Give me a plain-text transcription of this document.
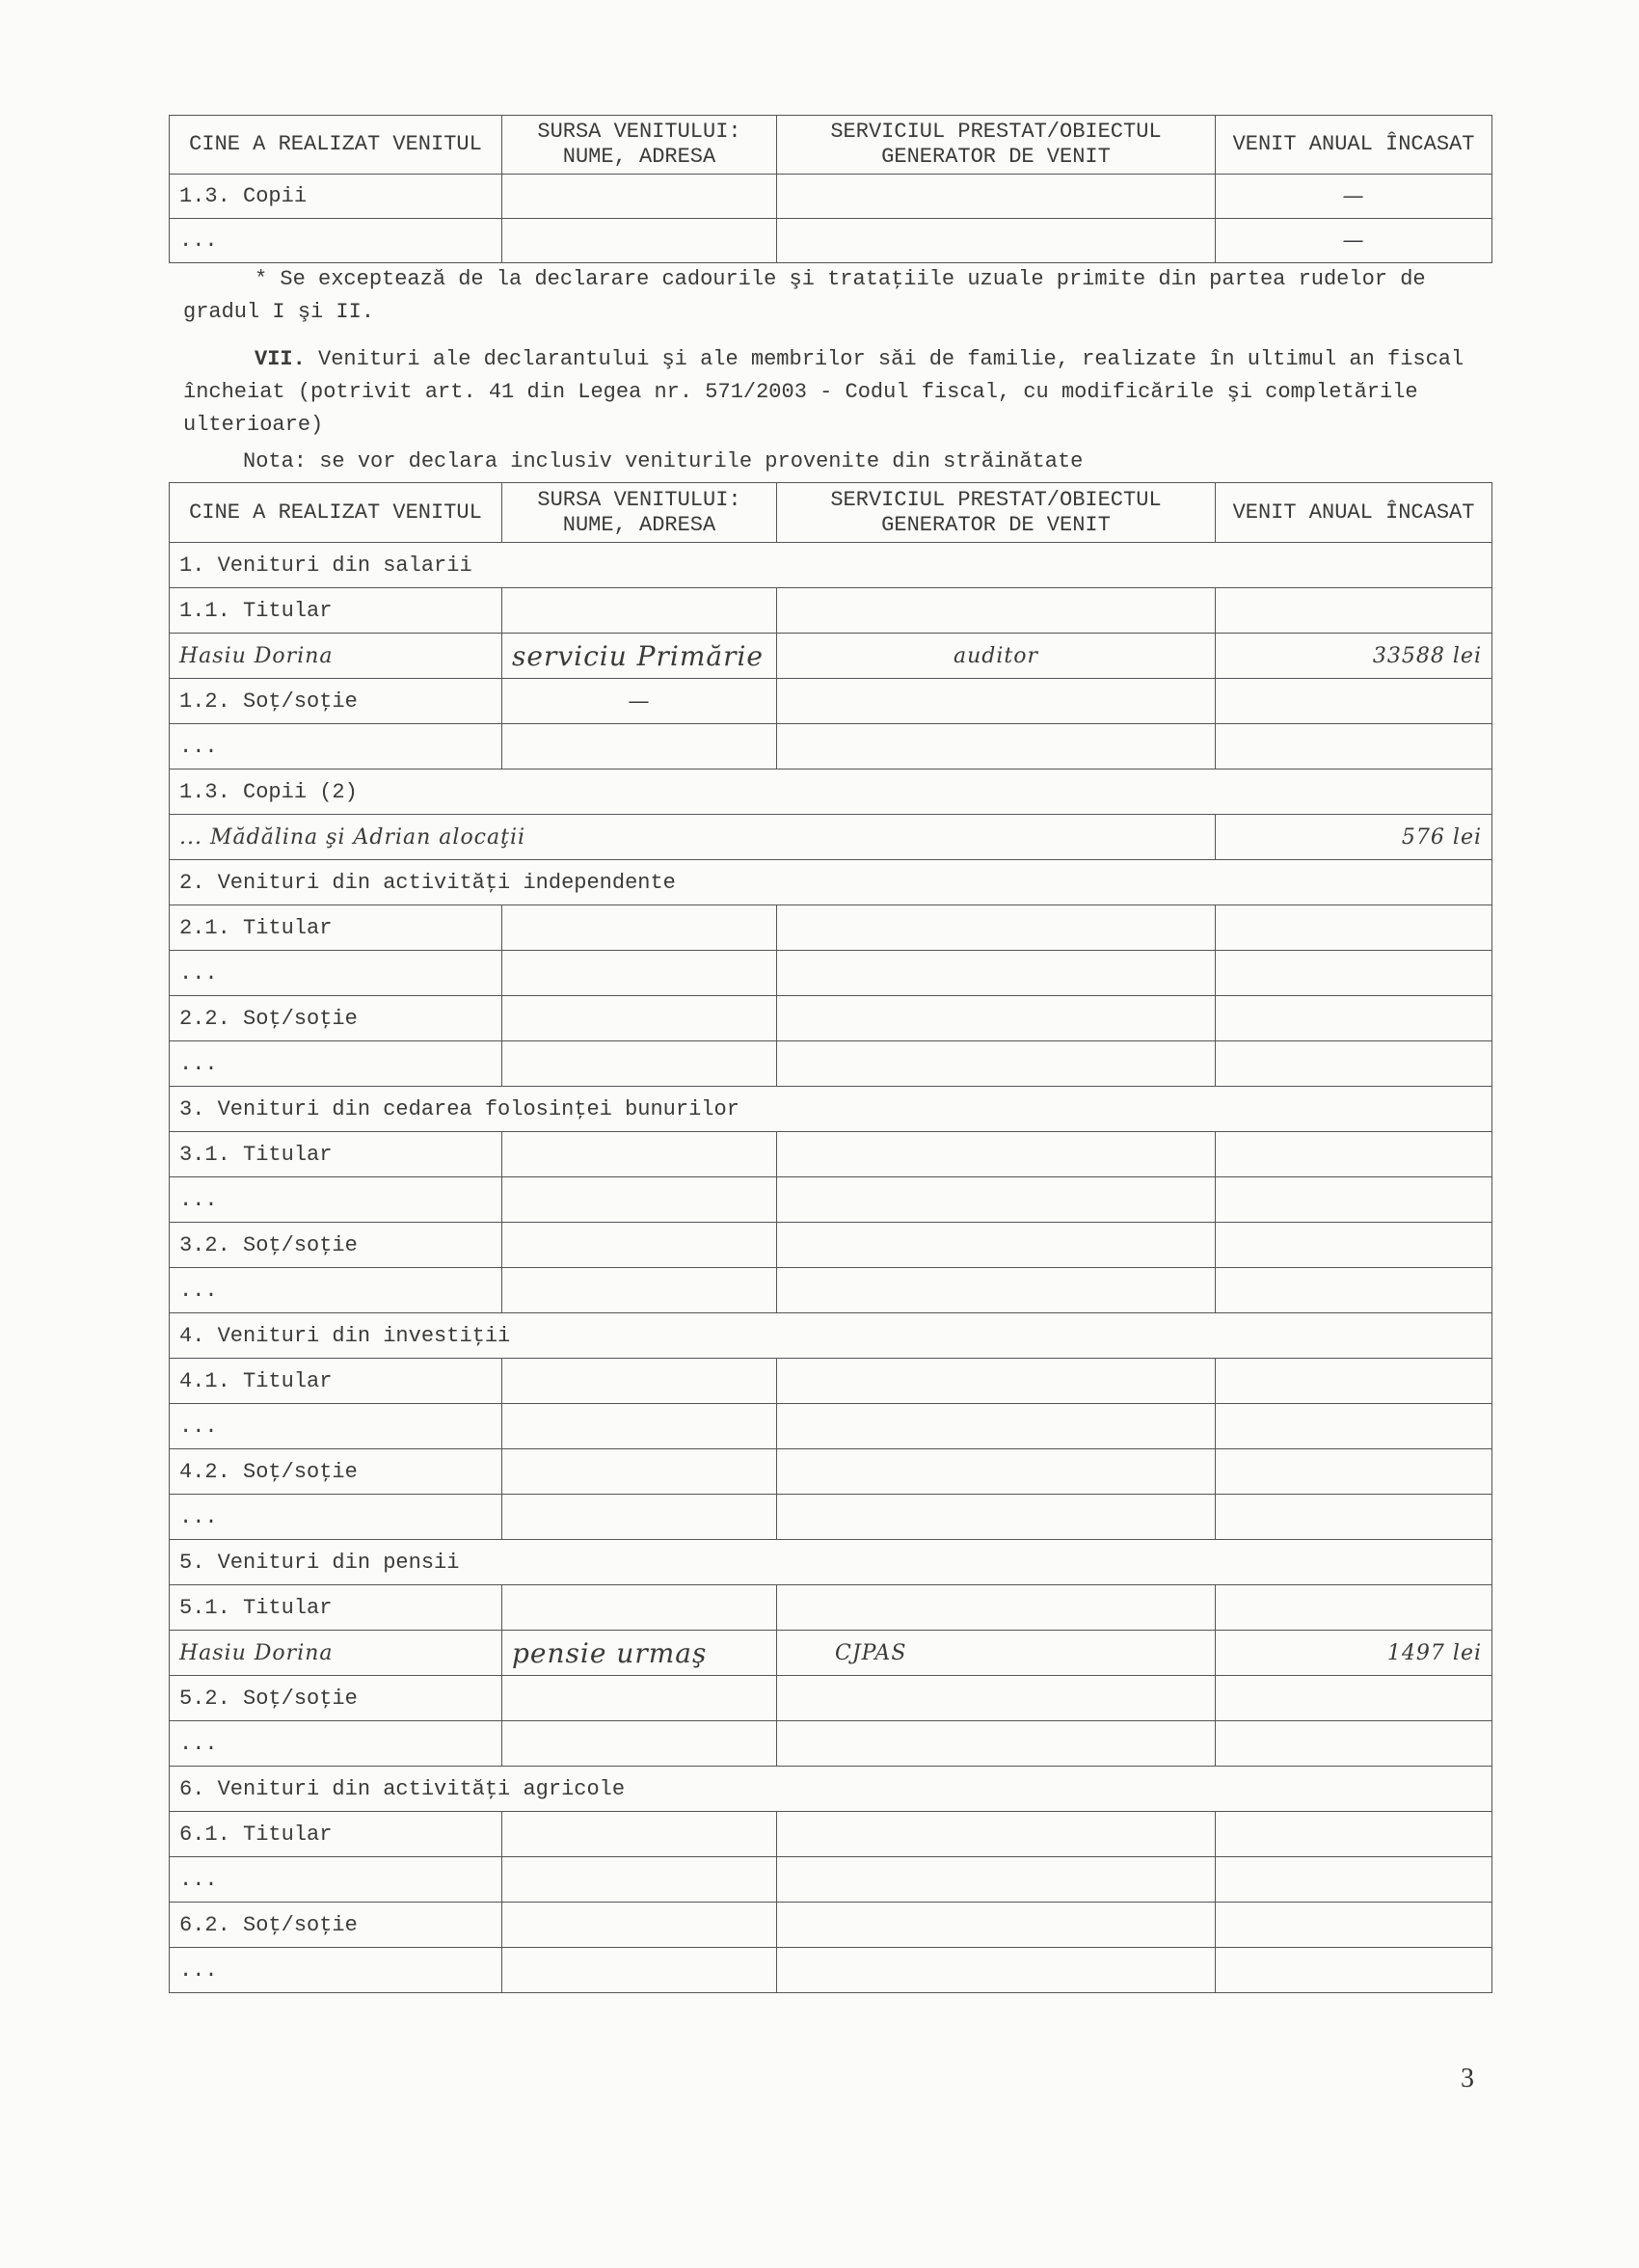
CINE A REALIZAT VENITUL	SURSA VENITULUI: NUME, ADRESA	SERVICIUL PRESTAT/OBIECTUL GENERATOR DE VENIT	VENIT ANUAL ÎNCASAT
1.3. Copii			—
...			—

* Se exceptează de la declarare cadourile şi trataţiile uzuale primite din partea rudelor de gradul I şi II.

VII. Venituri ale declarantului şi ale membrilor săi de familie, realizate în ultimul an fiscal încheiat (potrivit art. 41 din Legea nr. 571/2003 - Codul fiscal, cu modificările şi completările ulterioare)

Nota: se vor declara inclusiv veniturile provenite din străinătate
CINE A REALIZAT VENITUL	SURSA VENITULUI: NUME, ADRESA	SERVICIUL PRESTAT/OBIECTUL GENERATOR DE VENIT	VENIT ANUAL ÎNCASAT
1. Venituri din salarii			
1.1. Titular			
Hasiu Dorina	serviciu Primărie	auditor	33588 lei
1.2. Soţ/soţie	—		
...			
1.3. Copii (2)			
... Mădălina şi Adrian alocaţii			576 lei
2. Venituri din activităţi independente			
2.1. Titular			
...			
2.2. Soţ/soţie			
...			
3. Venituri din cedarea folosinţei bunurilor			
3.1. Titular			
...			
3.2. Soţ/soţie			
...			
4. Venituri din investiţii			
4.1. Titular			
...			
4.2. Soţ/soţie			
...			
5. Venituri din pensii			
5.1. Titular			
Hasiu Dorina	pensie urmaş	CJPAS	1497 lei
5.2. Soţ/soţie			
...			
6. Venituri din activităţi agricole			
6.1. Titular			
...			
6.2. Soţ/soţie			
...			
3
